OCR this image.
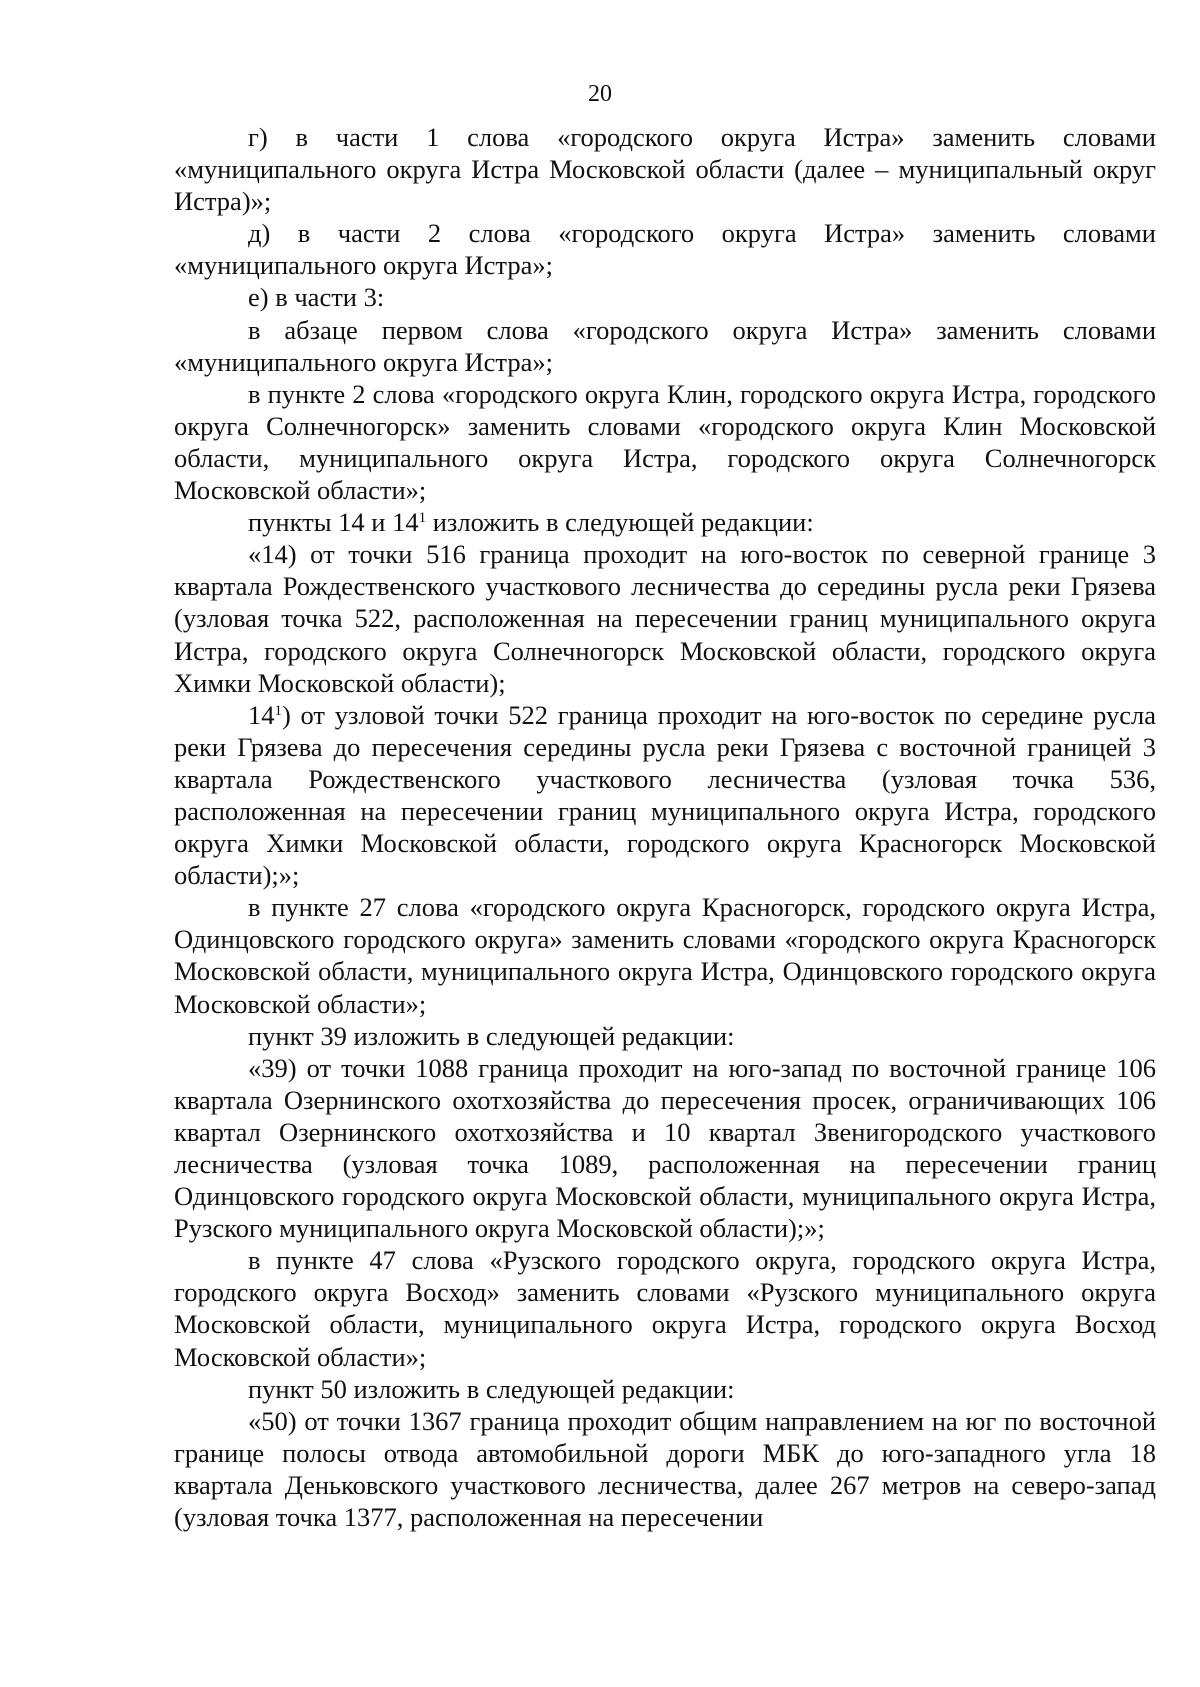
20

г) в части 1 слова «городского округа Истра» заменить словами «муниципального округа Истра Московской области (далее – муниципальный округ Истра)»;

д) в части 2 слова «городского округа Истра» заменить словами «муниципального округа Истра»;

е) в части 3:

в абзаце первом слова «городского округа Истра» заменить словами «муниципального округа Истра»;

в пункте 2 слова «городского округа Клин, городского округа Истра, городского округа Солнечногорск» заменить словами «городского округа Клин Московской области, муниципального округа Истра, городского округа Солнечногорск Московской области»;

пункты 14 и $14^1$ изложить в следующей редакции:

«14) от точки 516 граница проходит на юго-восток по северной границе 3 квартала Рождественского участкового лесничества до середины русла реки Грязева (узловая точка 522, расположенная на пересечении границ муниципального округа Истра, городского округа Солнечногорск Московской области, городского округа Химки Московской области);

$14^1$) от узловой точки 522 граница проходит на юго-восток по середине русла реки Грязева до пересечения середины русла реки Грязева с восточной границей 3 квартала Рождественского участкового лесничества (узловая точка 536, расположенная на пересечении границ муниципального округа Истра, городского округа Химки Московской области, городского округа Красногорск Московской области);»;

в пункте 27 слова «городского округа Красногорск, городского округа Истра, Одинцовского городского округа» заменить словами «городского округа Красногорск Московской области, муниципального округа Истра, Одинцовского городского округа Московской области»;

пункт 39 изложить в следующей редакции:

«39) от точки 1088 граница проходит на юго-запад по восточной границе 106 квартала Озернинского охотхозяйства до пересечения просек, ограничивающих 106 квартал Озернинского охотхозяйства и 10 квартал Звенигородского участкового лесничества (узловая точка 1089, расположенная на пересечении границ Одинцовского городского округа Московской области, муниципального округа Истра, Рузского муниципального округа Московской области);»;

в пункте 47 слова «Рузского городского округа, городского округа Истра, городского округа Восход» заменить словами «Рузского муниципального округа Московской области, муниципального округа Истра, городского округа Восход Московской области»;

пункт 50 изложить в следующей редакции:

«50) от точки 1367 граница проходит общим направлением на юг по восточной границе полосы отвода автомобильной дороги МБК до юго-западного угла 18 квартала Деньковского участкового лесничества, далее 267 метров на северо-запад (узловая точка 1377, расположенная на пересечении
